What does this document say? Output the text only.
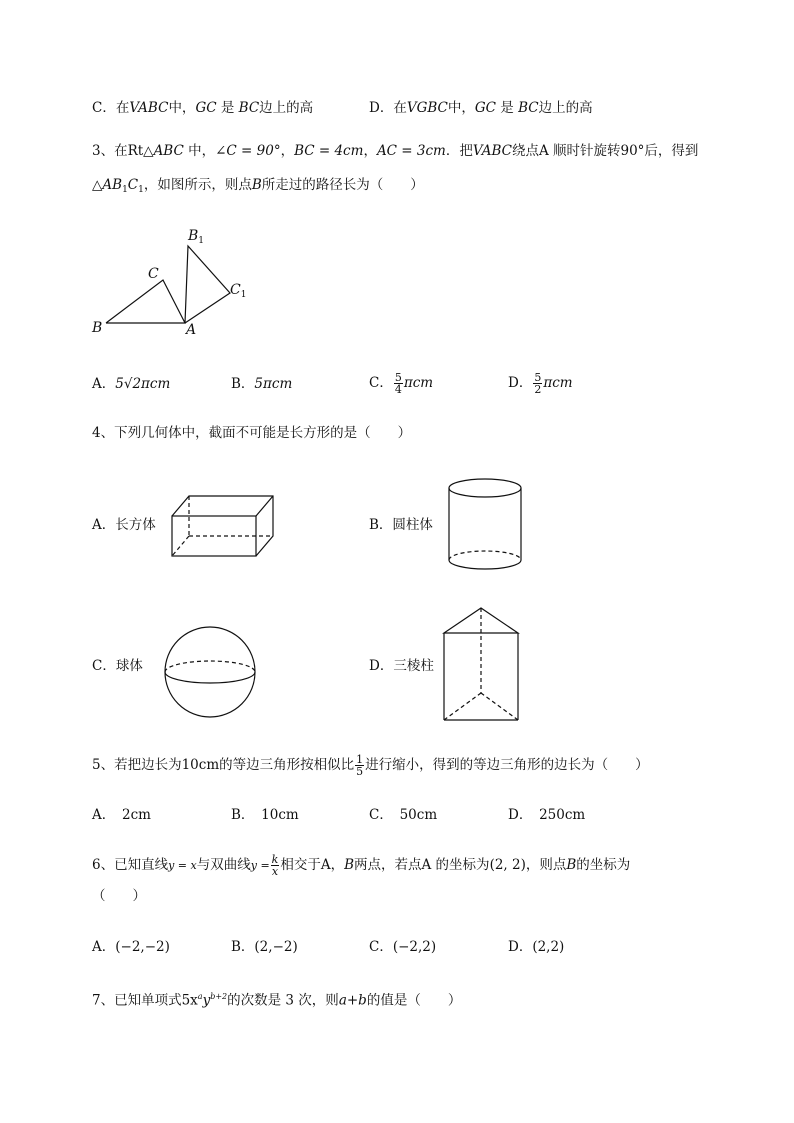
C．在VABC中，GC 是 BC边上的高	D．在VGBC中，GC 是 BC边上的高
3、在Rt△ABC 中，∠C = 90°，BC = 4cm，AC = 3cm．把VABC绕点A 顺时针旋转90°后，得到
$\triangle AB_1C_1$，如图所示，则点B所走过的路径长为（　　）
B
C
A
$B_1$
$C_1$
A．5√2πcm	B．5πcm	C． $\frac{5}{4}$ πcm	D． $\frac{5}{2}$ πcm
4、下列几何体中，截面不可能是长方形的是（　　）
A．长方体	B．圆柱体
C．球体	D．三棱柱
5、若把边长为10cm的等边三角形按相似比 $\frac{1}{5}$ 进行缩小，得到的等边三角形的边长为（　　）
A．　2cm	B．　10cm	C．　50cm	D．　250cm
6、已知直线y = x与双曲线$y = \frac{k}{x}$ 相交于A，B两点，若点A 的坐标为(2, 2)，则点B的坐标为
（　　）
A．(−2,−2)	B．(2,−2)	C．(−2,2)	D．(2,2)
7、已知单项式$5x^ay^{b+2}$的次数是 3 次，则a+b的值是（　　）
